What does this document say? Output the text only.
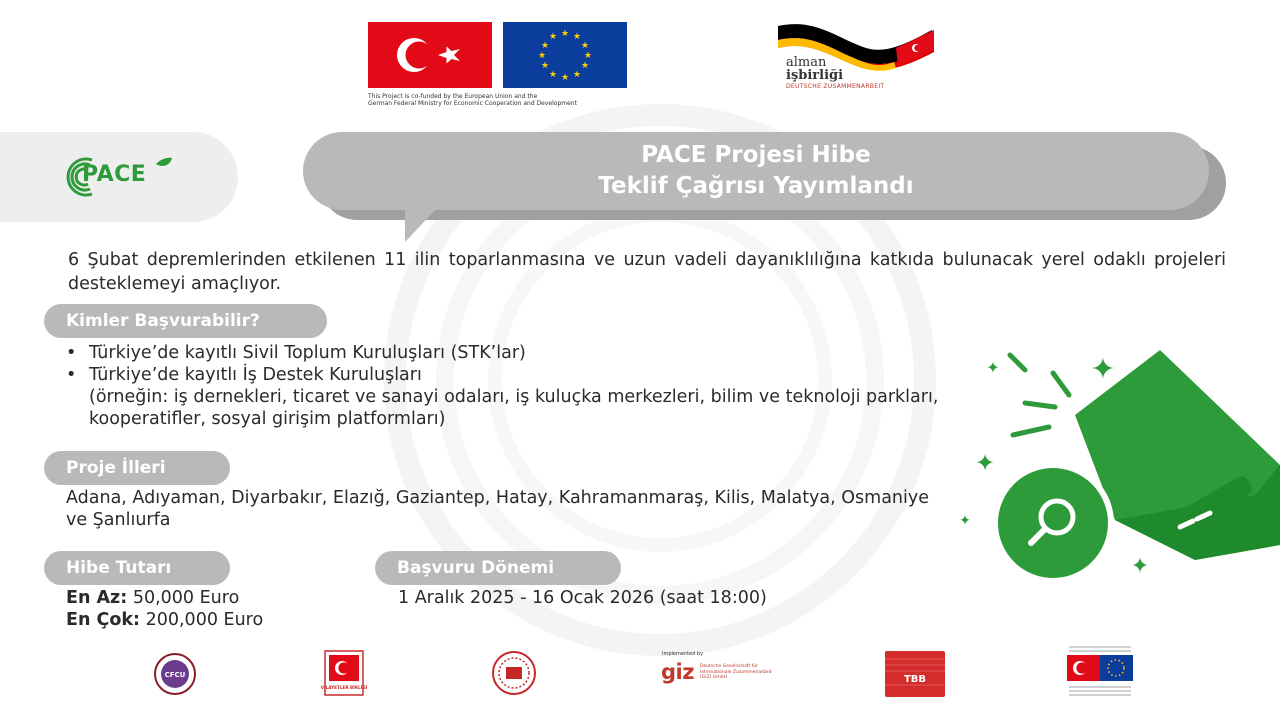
★ ★
★
★
★
★
★
★
★
★
★
★
This Project is co-funded by the European Union and the
German Federal Ministry for Economic Cooperation and Development
alman
işbirliği
DEUTSCHE ZUSAMMENARBEIT
PACE
PACE Projesi Hibe
Teklif Çağrısı Yayımlandı

6 Şubat depremlerinden etkilenen 11 ilin toparlanmasına ve uzun vadeli dayanıklılığına katkıda bulunacak yerel odaklı projeleri desteklemeyi amaçlıyor.

Kimler Başvurabilir?
• Türkiye’de kayıtlı Sivil Toplum Kuruluşları (STK’lar)
• Türkiye’de kayıtlı İş Destek Kuruluşları
(örneğin: iş dernekleri, ticaret ve sanayi odaları, iş kuluçka merkezleri, bilim ve teknoloji parkları, kooperatifler, sosyal girişim platformları)
Proje İlleri

Adana, Adıyaman, Diyarbakır, Elazığ, Gaziantep, Hatay, Kahramanmaraş, Kilis, Malatya, Osmaniye ve Şanlıurfa

Hibe Tutarı
En Az: 50,000 Euro
En Çok: 200,000 Euro
Başvuru Dönemi
1 Aralık 2025 - 16 Ocak 2026 (saat 18:00)
✦	✦
✦
✦
✦
CFCU
VİLAYETLER BİRLİĞİ
Implemented by
giz Deutsche Gesellschaft für Internationale Zusammenarbeit (GIZ) GmbH	TBB
